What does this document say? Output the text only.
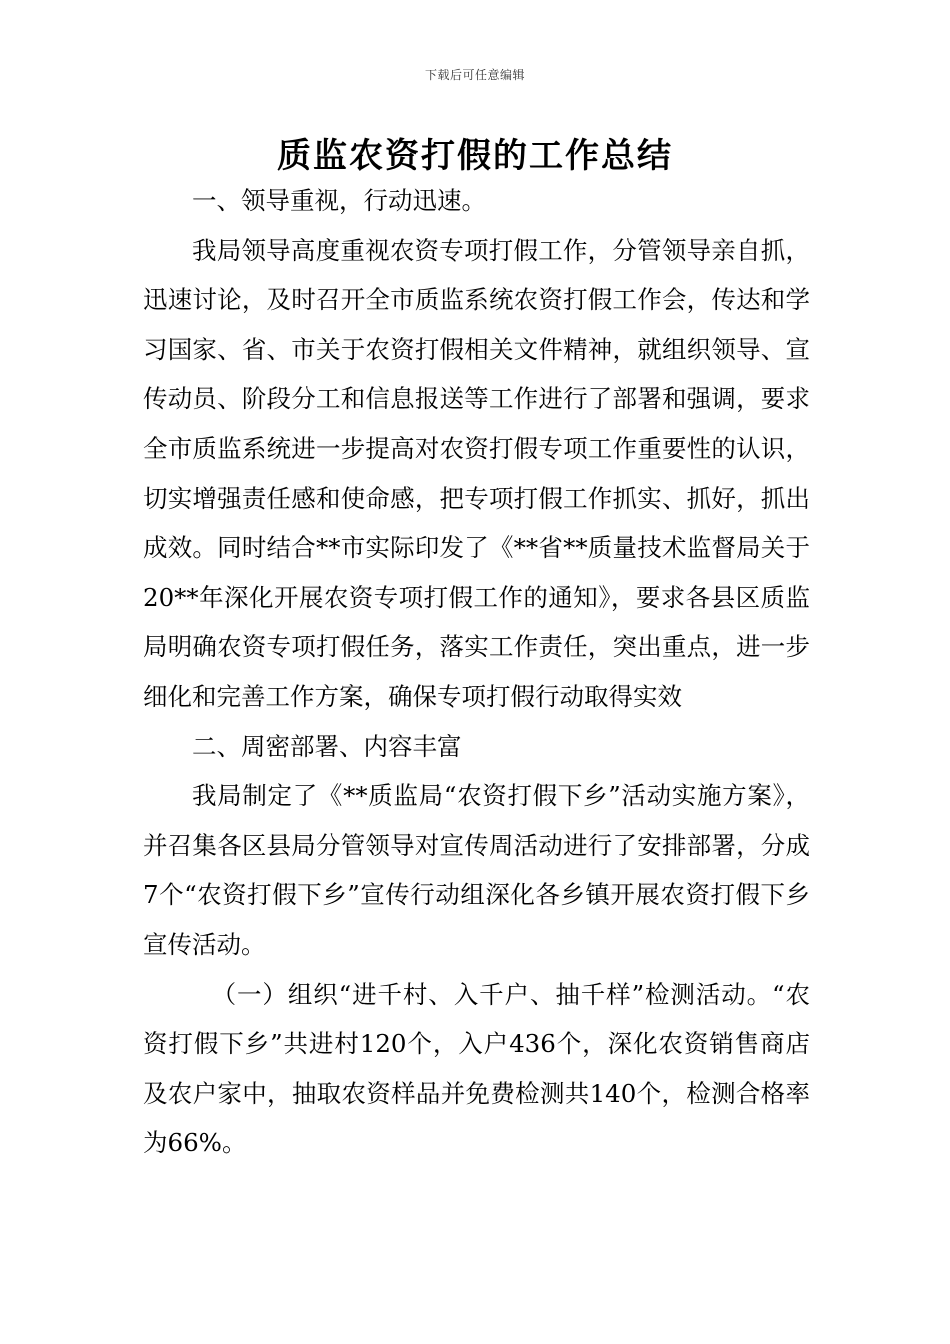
下载后可任意编辑
质监农资打假的工作总结

一、领导重视，行动迅速。

我局领导高度重视农资专项打假工作，分管领导亲自抓，迅速讨论，及时召开全市质监系统农资打假工作会，传达和学习国家、省、市关于农资打假相关文件精神，就组织领导、宣传动员、阶段分工和信息报送等工作进行了部署和强调，要求全市质监系统进一步提高对农资打假专项工作重要性的认识，切实增强责任感和使命感，把专项打假工作抓实、抓好，抓出成效。同时结合**市实际印发了《**省**质量技术监督局关于20**年深化开展农资专项打假工作的通知》，要求各县区质监局明确农资专项打假任务，落实工作责任，突出重点，进一步细化和完善工作方案，确保专项打假行动取得实效

二、周密部署、内容丰富

我局制定了《**质监局“农资打假下乡”活动实施方案》，并召集各区县局分管领导对宣传周活动进行了安排部署，分成7个“农资打假下乡”宣传行动组深化各乡镇开展农资打假下乡宣传活动。

（一）组织“进千村、入千户、抽千样”检测活动。“农资打假下乡”共进村120个，入户436个，深化农资销售商店及农户家中，抽取农资样品并免费检测共140个，检测合格率为66%。
